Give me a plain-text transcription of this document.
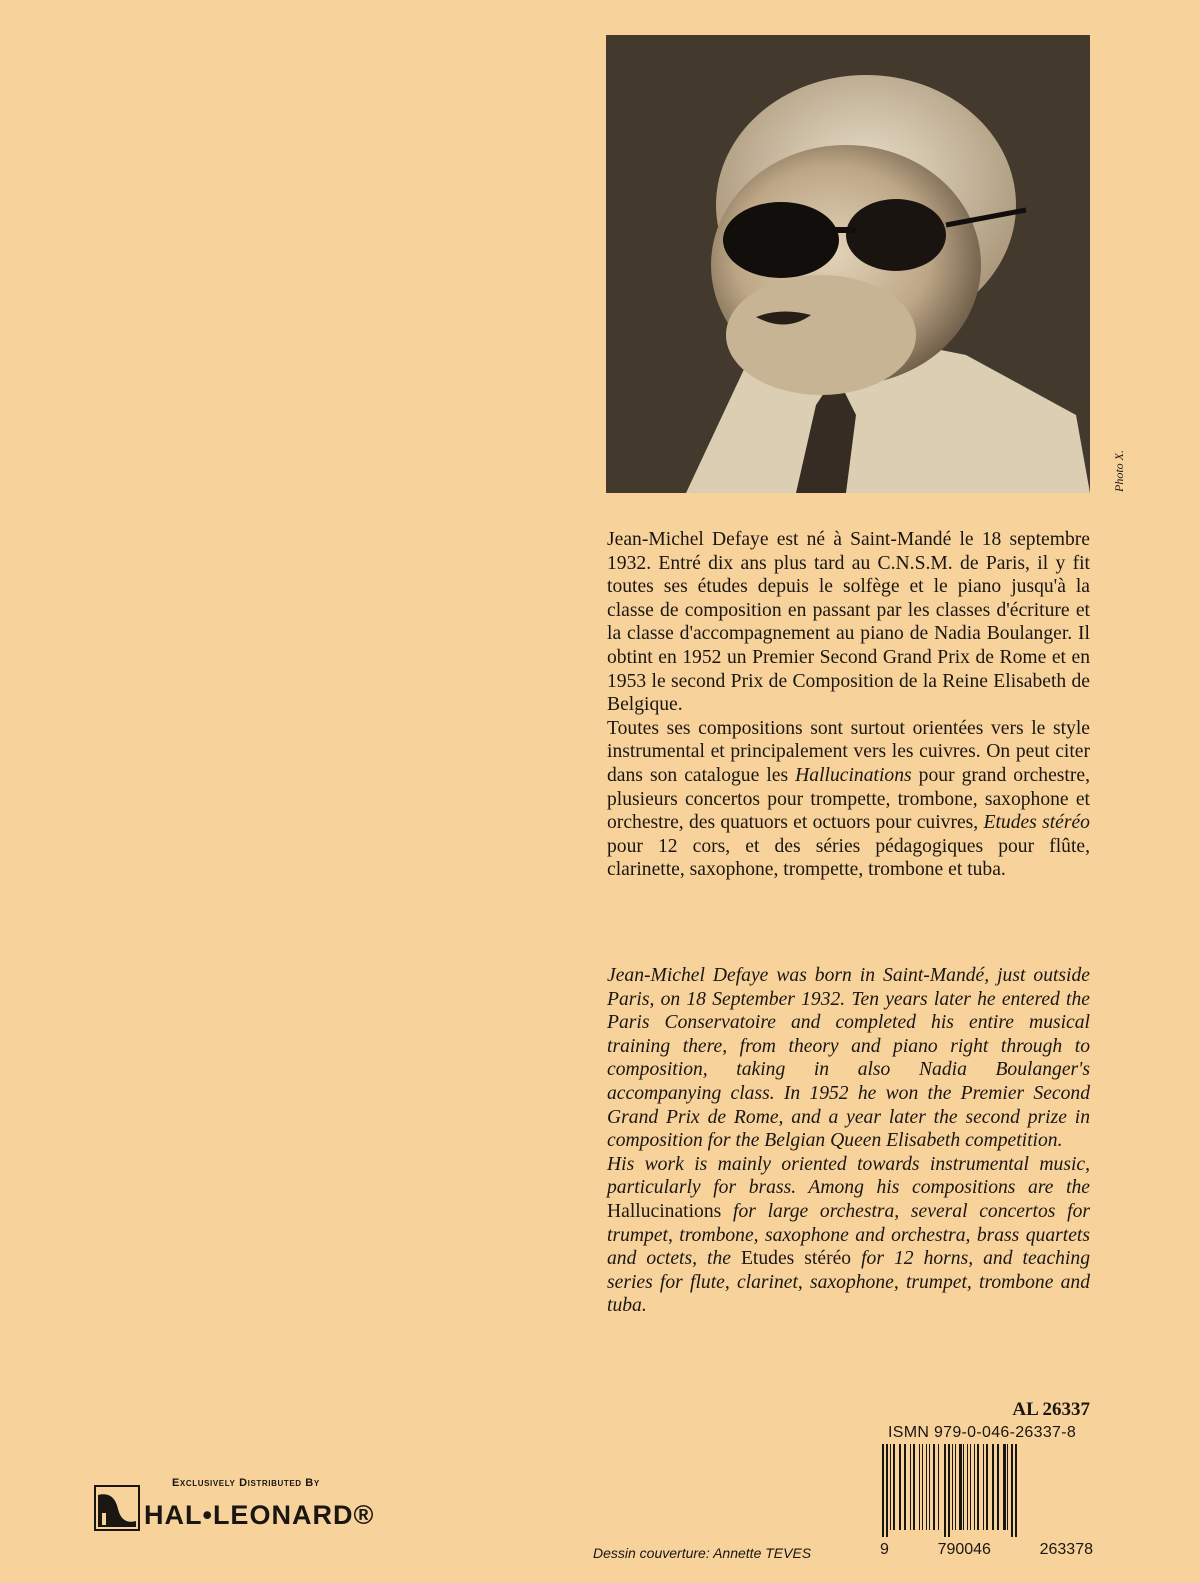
Photo X.

Jean-Michel Defaye est né à Saint-Mandé le 18 septembre 1932. Entré dix ans plus tard au C.N.S.M. de Paris, il y fit toutes ses études depuis le solfège et le piano jusqu'à la classe de composition en passant par les classes d'écriture et la classe d'accompagnement au piano de Nadia Boulanger. Il obtint en 1952 un Premier Second Grand Prix de Rome et en 1953 le second Prix de Composition de la Reine Elisabeth de Belgique.

Toutes ses compositions sont surtout orientées vers le style instrumental et principalement vers les cuivres. On peut citer dans son catalogue les Hallucinations pour grand orchestre, plusieurs concertos pour trompette, trombone, saxophone et orchestre, des quatuors et octuors pour cuivres, Etudes stéréo pour 12 cors, et des séries pédagogiques pour flûte, clarinette, saxophone, trompette, trombone et tuba.

Jean-Michel Defaye was born in Saint-Mandé, just outside Paris, on 18 September 1932. Ten years later he entered the Paris Conservatoire and completed his entire musical training there, from theory and piano right through to composition, taking in also Nadia Boulanger's accompanying class. In 1952 he won the Premier Second Grand Prix de Rome, and a year later the second prize in composition for the Belgian Queen Elisabeth competition.

His work is mainly oriented towards instrumental music, particularly for brass. Among his compositions are the Hallucinations for large orchestra, several concertos for trumpet, trombone, saxophone and orchestra, brass quartets and octets, the Etudes stéréo for 12 horns, and teaching series for flute, clarinet, saxophone, trumpet, trombone and tuba.

AL 26337
ISMN 979-0-046-26337-8
9	790046	263378
Exclusively Distributed By
HAL•LEONARD®
Dessin couverture: Annette TEVES
